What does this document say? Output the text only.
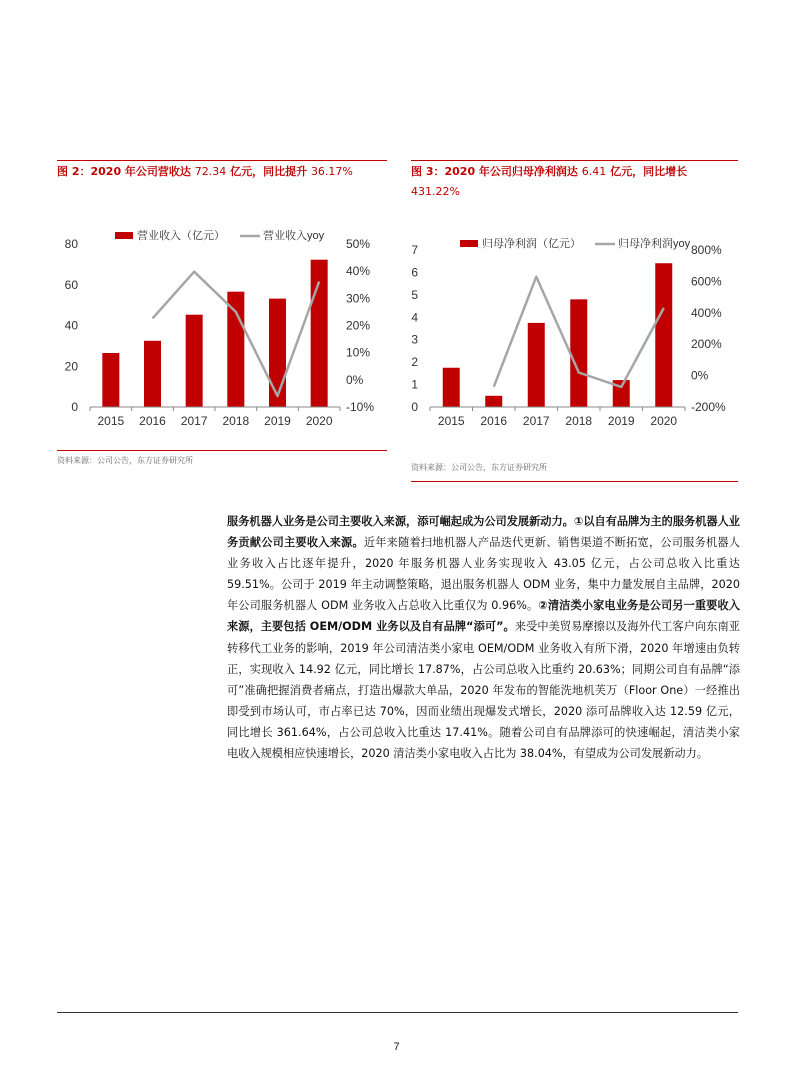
图 2：2020 年公司营收达 72.34 亿元，同比提升 36.17%
营业收入（亿元）	营业收入yoy
0
20
40
60
80
-10%
0%
10%
20%
30%
40%
50%
2015 2016 2017 2018 2019 2020
资料来源：公司公告，东方证券研究所
图 3：2020 年公司归母净利润达 6.41 亿元，同比增长
431.22%
归母净利润（亿元）	归母净利润yoy
0
1
2
3
4
5
6
7
-200%
0%
200%
400%
600%
800%
2015 2016 2017 2018 2019 2020
资料来源：公司公告，东方证券研究所
服务机器人业务是公司主要收入来源，添可崛起成为公司发展新动力。①以自有品牌为主的服务机器人业务贡献公司主要收入来源。近年来随着扫地机器人产品迭代更新、销售渠道不断拓宽，公司服务机器人业务收入占比逐年提升，2020 年服务机器人业务实现收入 43.05 亿元，占公司总收入比重达 59.51%。公司于 2019 年主动调整策略，退出服务机器人 ODM 业务，集中力量发展自主品牌，2020 年公司服务机器人 ODM 业务收入占总收入比重仅为 0.96%。②清洁类小家电业务是公司另一重要收入来源，主要包括 OEM/ODM 业务以及自有品牌“添可”。来受中美贸易摩擦以及海外代工客户向东南亚转移代工业务的影响，2019 年公司清洁类小家电 OEM/ODM 业务收入有所下滑，2020 年增速由负转正，实现收入 14.92 亿元，同比增长 17.87%，占公司总收入比重约 20.63%；同期公司自有品牌“添可”准确把握消费者痛点，打造出爆款大单品，2020 年发布的智能洗地机芙万（Floor One）一经推出即受到市场认可，市占率已达 70%，因而业绩出现爆发式增长，2020 添可品牌收入达 12.59 亿元，同比增长 361.64%，占公司总收入比重达 17.41%。随着公司自有品牌添可的快速崛起，清洁类小家电收入规模相应快速增长，2020 清洁类小家电收入占比为 38.04%，有望成为公司发展新动力。
7
